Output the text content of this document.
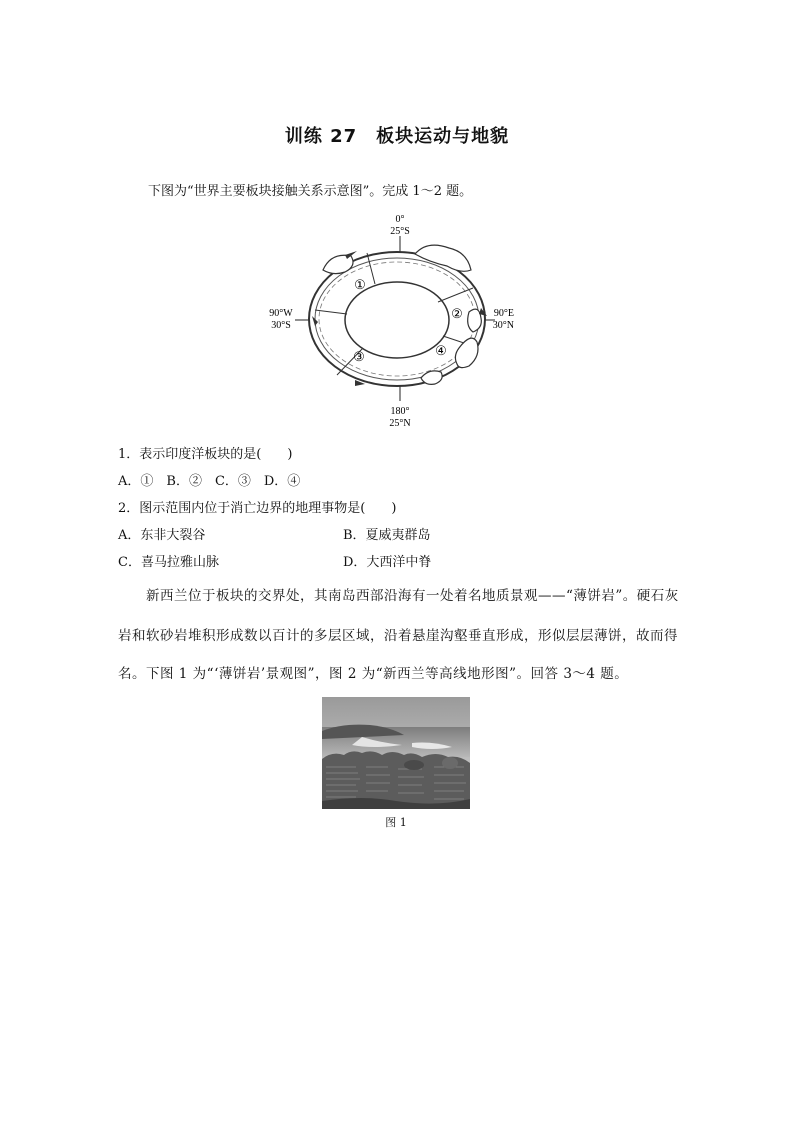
训练 27　板块运动与地貌
下图为“世界主要板块接触关系示意图”。完成 1～2 题。
0°
25°S
90°W
30°S
90°E
30°N
180°
25°N
①
②
③	④
1．表示印度洋板块的是(　　)
A．①　B．②　C．③　D．④
2．图示范围内位于消亡边界的地理事物是(　　)
A．东非大裂谷	B．夏威夷群岛
C．喜马拉雅山脉	D．大西洋中脊
新西兰位于板块的交界处，其南岛西部沿海有一处着名地质景观——“薄饼岩”。硬石灰
岩和软砂岩堆积形成数以百计的多层区域，沿着悬崖沟壑垂直形成，形似层层薄饼，故而得
名。下图 1 为“‘薄饼岩’景观图”，图 2 为“新西兰等高线地形图”。回答 3～4 题。
图 1
